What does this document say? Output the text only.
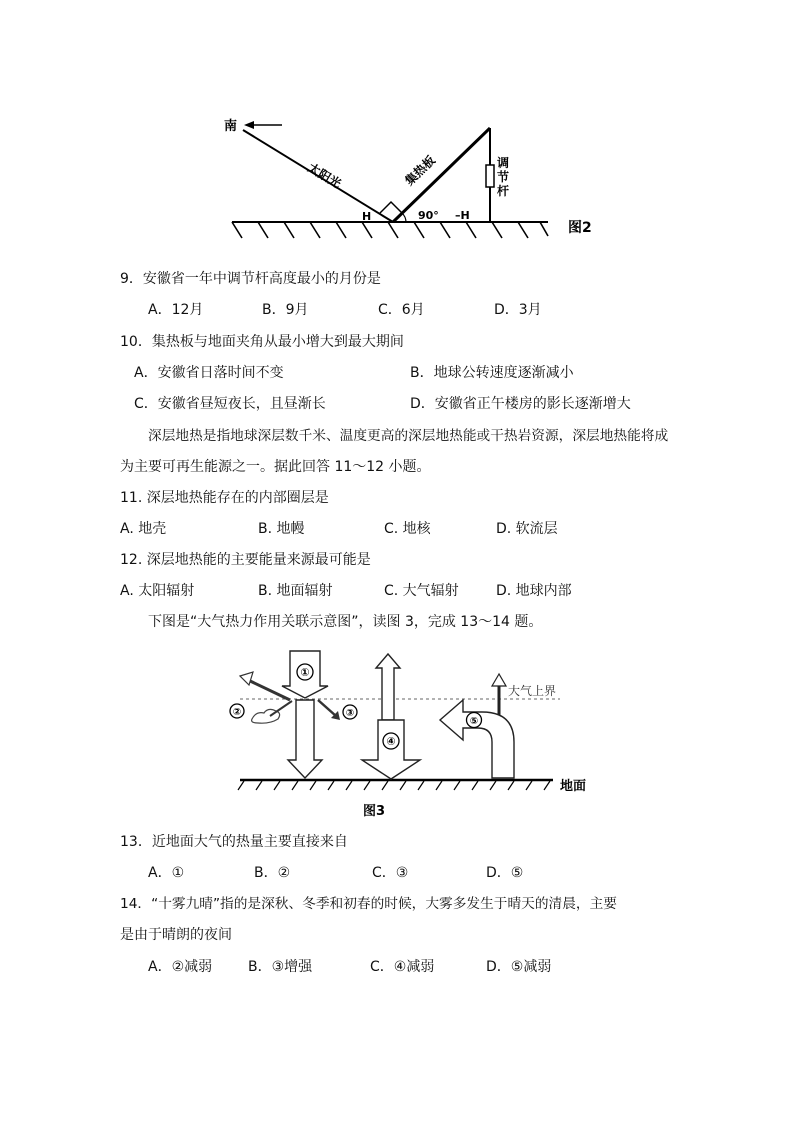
南
太阳光	集热板	调
节
杆
H	90° –H
图2
9．安徽省一年中调节杆高度最小的月份是
A．12月	B．9月	C．6月	D．3月
10．集热板与地面夹角从最小增大到最大期间
A．安徽省日落时间不变	B．地球公转速度逐渐减小
C．安徽省昼短夜长，且昼渐长	D．安徽省正午楼房的影长逐渐增大
深层地热是指地球深层数千米、温度更高的深层地热能或干热岩资源，深层地热能将成
为主要可再生能源之一。据此回答 11～12 小题。
11. 深层地热能存在的内部圈层是
A. 地壳	B. 地幔	C. 地核	D. 软流层
12. 深层地热能的主要能量来源最可能是
A. 太阳辐射	B. 地面辐射	C. 大气辐射	D. 地球内部
下图是“大气热力作用关联示意图”，读图 3，完成 13～14 题。
大气上界
地面
①
②	③
④
⑤
图3
13．近地面大气的热量主要直接来自
A．①	B．②	C．③	D．⑤
14．“十雾九晴”指的是深秋、冬季和初春的时候，大雾多发生于晴天的清晨，主要
是由于晴朗的夜间
A．②减弱	B．③增强	C．④减弱	D．⑤减弱
